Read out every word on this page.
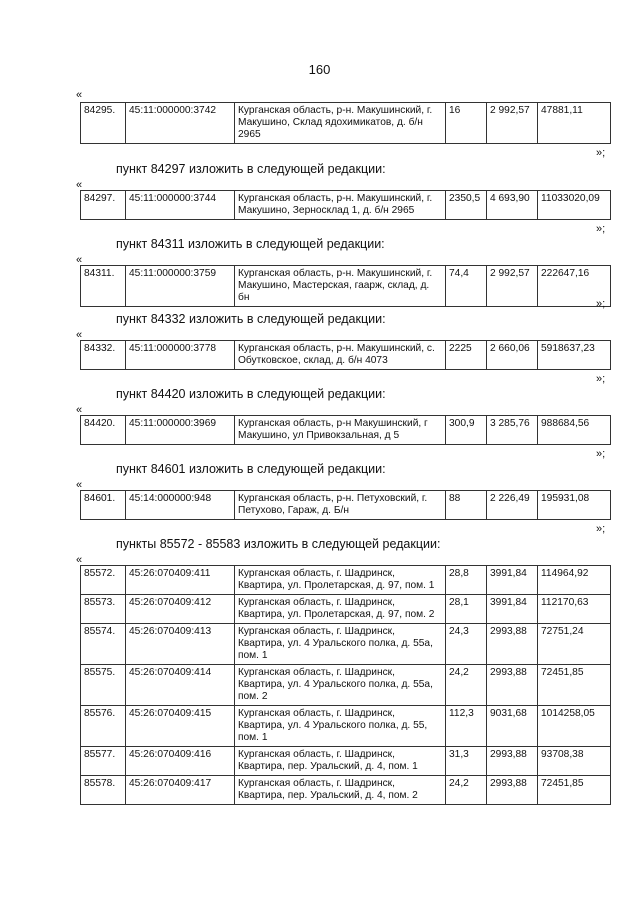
160
«
84295.	45:11:000000:3742	Курганская область, р-н. Макушинский, г. Макушино, Склад ядохимикатов, д. б/н 2965	16	2 992,57	47881,11
»;
пункт 84297 изложить в следующей редакции:
«
84297.	45:11:000000:3744	Курганская область, р-н. Макушинский, г. Макушино, Зерносклад 1, д. б/н 2965	2350,5	4 693,90	11033020,09
»;
пункт 84311 изложить в следующей редакции:
«
84311.	45:11:000000:3759	Курганская область, р-н. Макушинский, г. Макушино, Мастерская, гаарж, склад, д. бн	74,4	2 992,57	222647,16
»;
пункт 84332 изложить в следующей редакции:
«
84332.	45:11:000000:3778	Курганская область, р-н. Макушинский, с. Обутковское, склад, д. б/н 4073	2225	2 660,06	5918637,23
»;
пункт 84420 изложить в следующей редакции:
«
84420.	45:11:000000:3969	Курганская область, р-н Макушинский, г Макушино, ул Привокзальная, д 5	300,9	3 285,76	988684,56
»;
пункт 84601 изложить в следующей редакции:
«
84601.	45:14:000000:948	Курганская область, р-н. Петуховский, г. Петухово, Гараж, д. Б/н	88	2 226,49	195931,08
»;
пункты 85572 - 85583 изложить в следующей редакции:
«
85572.	45:26:070409:411	Курганская область, г. Шадринск, Квартира, ул. Пролетарская, д. 97, пом. 1	28,8	3991,84	114964,92
85573.	45:26:070409:412	Курганская область, г. Шадринск, Квартира, ул. Пролетарская, д. 97, пом. 2	28,1	3991,84	112170,63
85574.	45:26:070409:413	Курганская область, г. Шадринск, Квартира, ул. 4 Уральского полка, д. 55а, пом. 1	24,3	2993,88	72751,24
85575.	45:26:070409:414	Курганская область, г. Шадринск, Квартира, ул. 4 Уральского полка, д. 55а, пом. 2	24,2	2993,88	72451,85
85576.	45:26:070409:415	Курганская область, г. Шадринск, Квартира, ул. 4 Уральского полка, д. 55, пом. 1	112,3	9031,68	1014258,05
85577.	45:26:070409:416	Курганская область, г. Шадринск, Квартира, пер. Уральский, д. 4, пом. 1	31,3	2993,88	93708,38
85578.	45:26:070409:417	Курганская область, г. Шадринск, Квартира, пер. Уральский, д. 4, пом. 2	24,2	2993,88	72451,85
